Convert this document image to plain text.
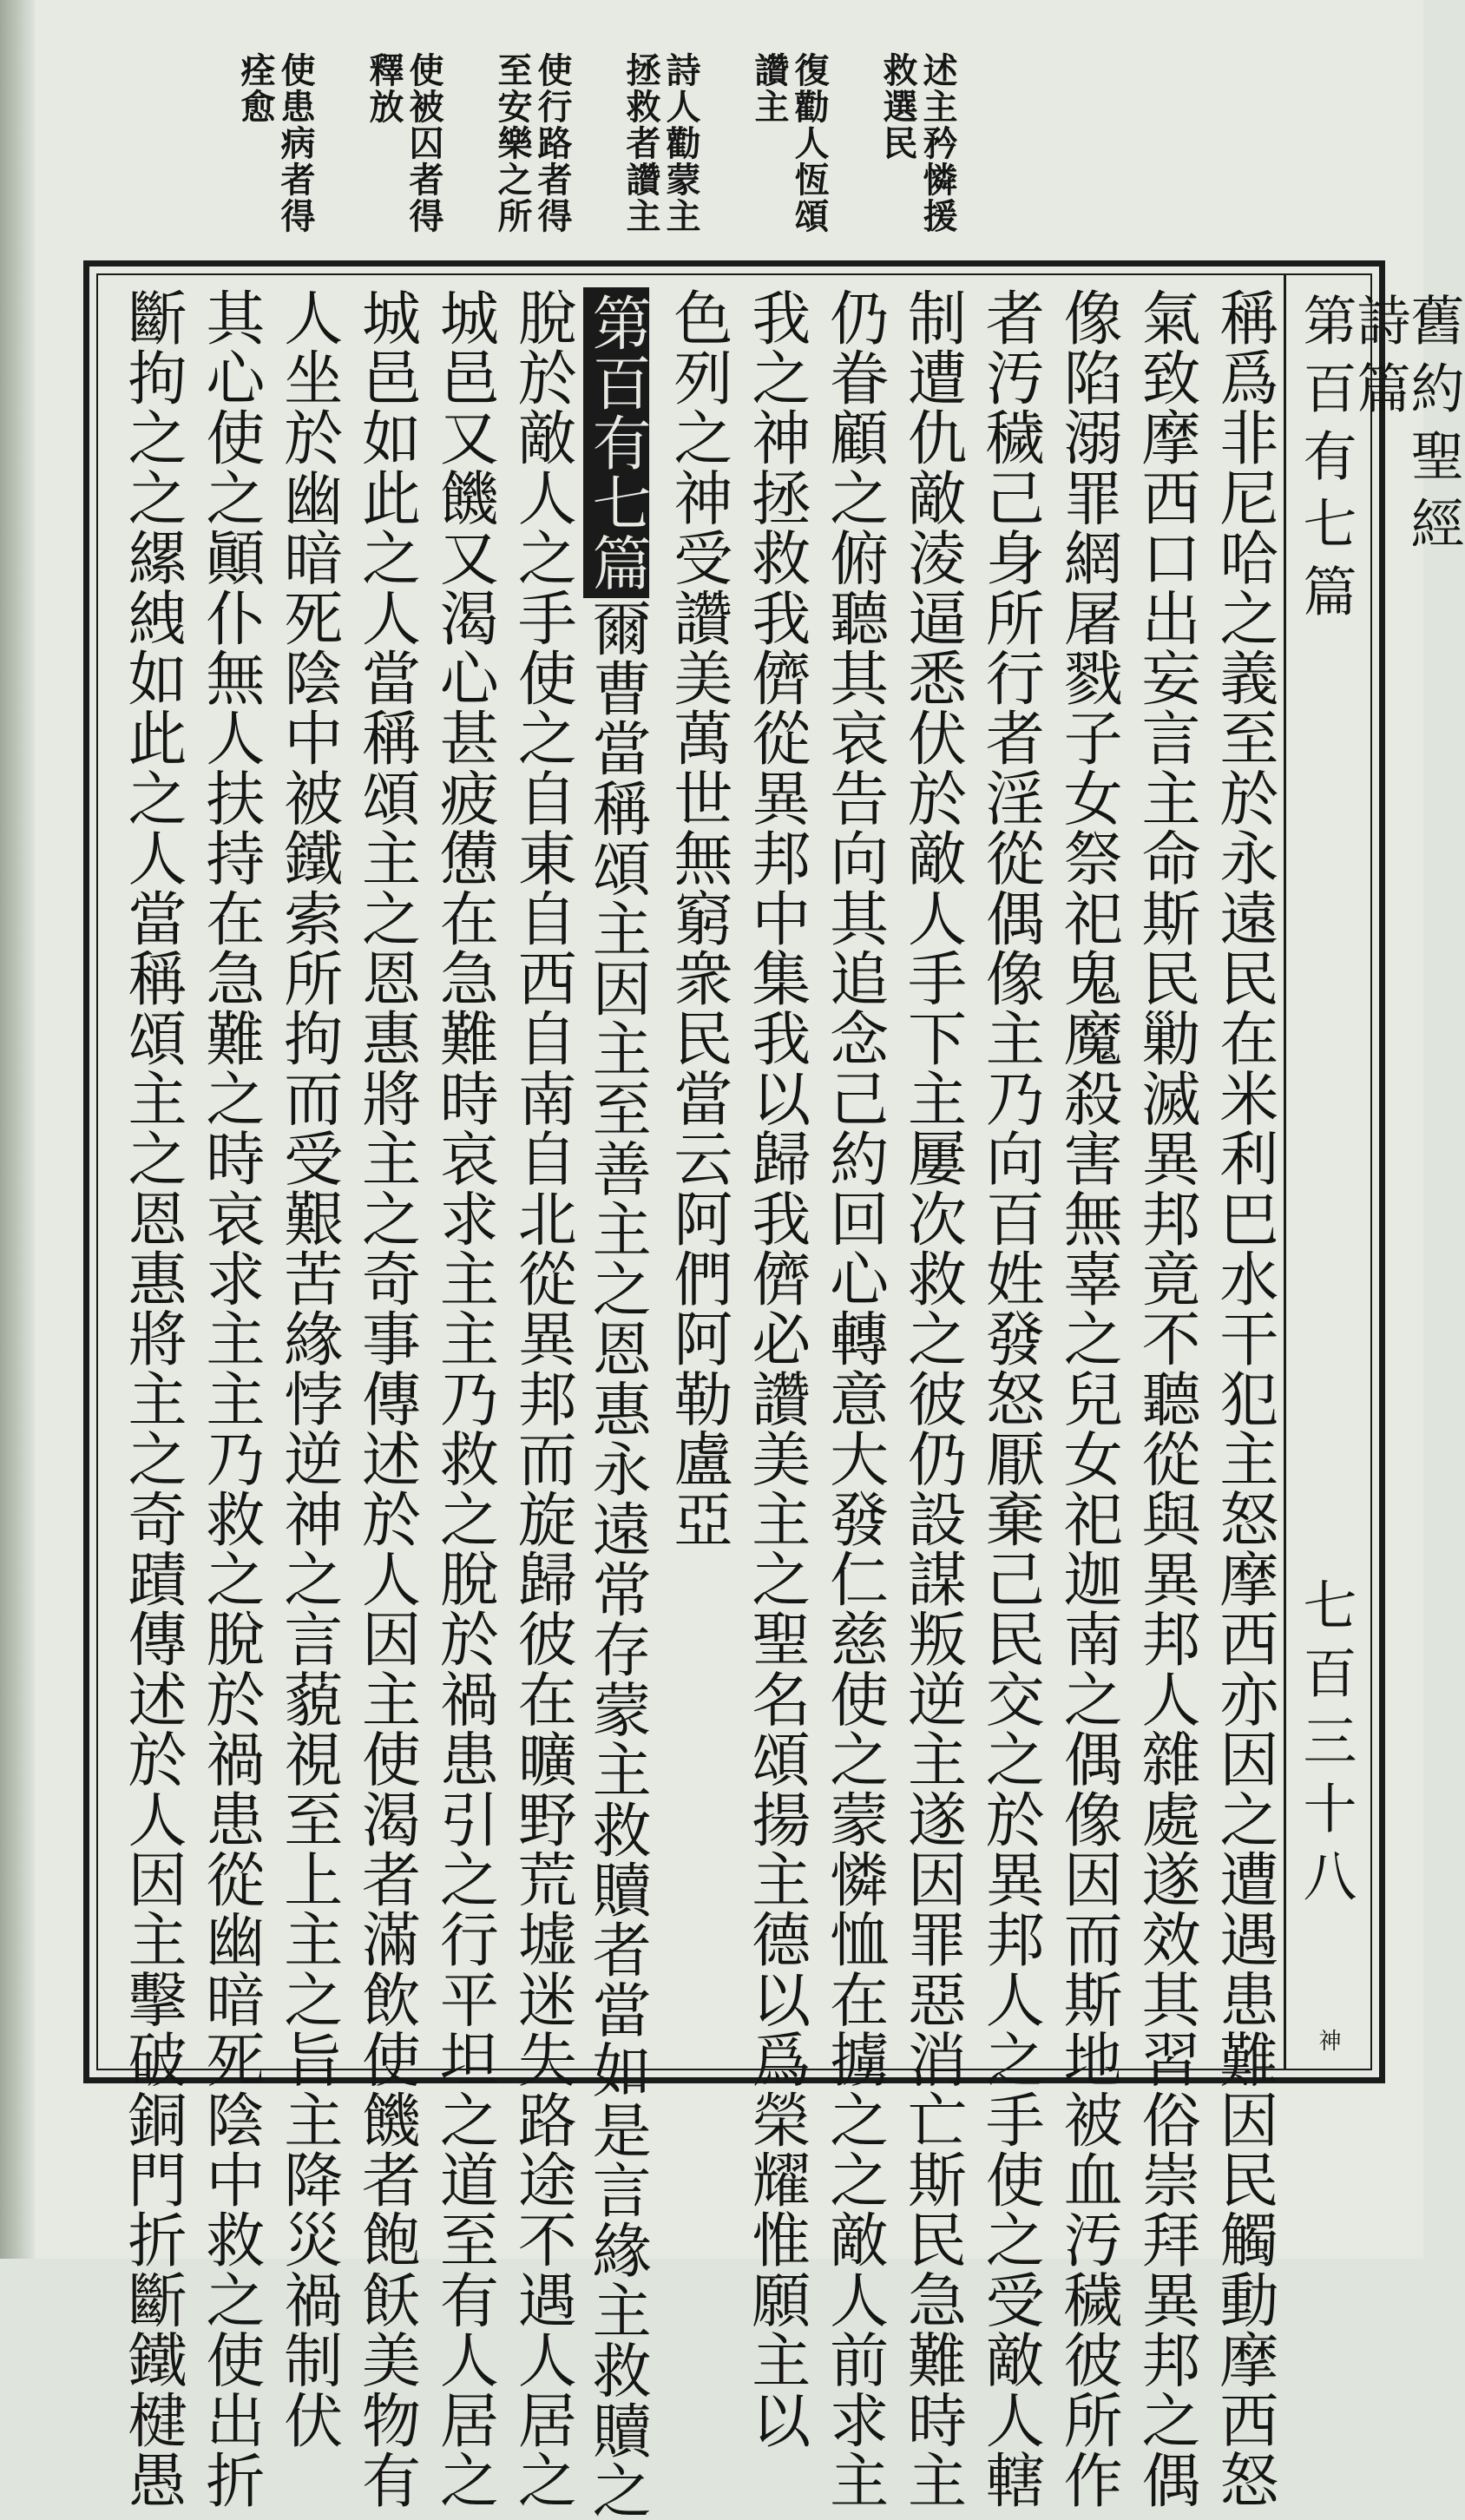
述主矜憐援
救選民
復勸人恆頌
讚主
詩人勸蒙主
拯救者讚主
使行路者得
至安樂之所
使被囚者得
釋放
使患病者得
痊愈
舊約聖經
詩篇
第百有七篇
七百三十八
神
稱爲非尼哈之義至於永遠民在米利巴水干犯主怒摩西亦因之遭遇患難因民觸動摩西怒
氣致摩西口出妄言主命斯民勦滅異邦竟不聽從與異邦人雜處遂效其習俗崇拜異邦之偶
像陷溺罪網屠戮子女祭祀鬼魔殺害無辜之兒女祀迦南之偶像因而斯地被血汚穢彼所作
者汚穢己身所行者淫從偶像主乃向百姓發怒厭棄己民交之於異邦人之手使之受敵人轄
制遭仇敵淩逼悉伏於敵人手下主屢次救之彼仍設謀叛逆主遂因罪惡消亡斯民急難時主
仍眷顧之俯聽其哀告向其追念己約回心轉意大發仁慈使之蒙憐恤在擄之之敵人前求主
我之神拯救我儕從異邦中集我以歸我儕必讚美主之聖名頌揚主德以爲榮耀惟願主以
色列之神受讚美萬世無窮衆民當云阿們阿勒盧亞
第百有七篇爾曹當稱頌主因主至善主之恩惠永遠常存蒙主救贖者當如是言緣主救贖之
脫於敵人之手使之自東自西自南自北從異邦而旋歸彼在曠野荒墟迷失路途不遇人居之
城邑又饑又渴心甚疲憊在急難時哀求主主乃救之脫於禍患引之行平坦之道至有人居之
城邑如此之人當稱頌主之恩惠將主之奇事傳述於人因主使渴者滿飲使饑者飽飫美物有
人坐於幽暗死陰中被鐵索所拘而受艱苦緣悖逆神之言藐視至上主之旨主降災禍制伏
其心使之顚仆無人扶持在急難之時哀求主主乃救之脫於禍患從幽暗死陰中救之使出折
斷拘之之縲絏如此之人當稱頌主之恩惠將主之奇蹟傳述於人因主擊破銅門折斷鐵楗愚
